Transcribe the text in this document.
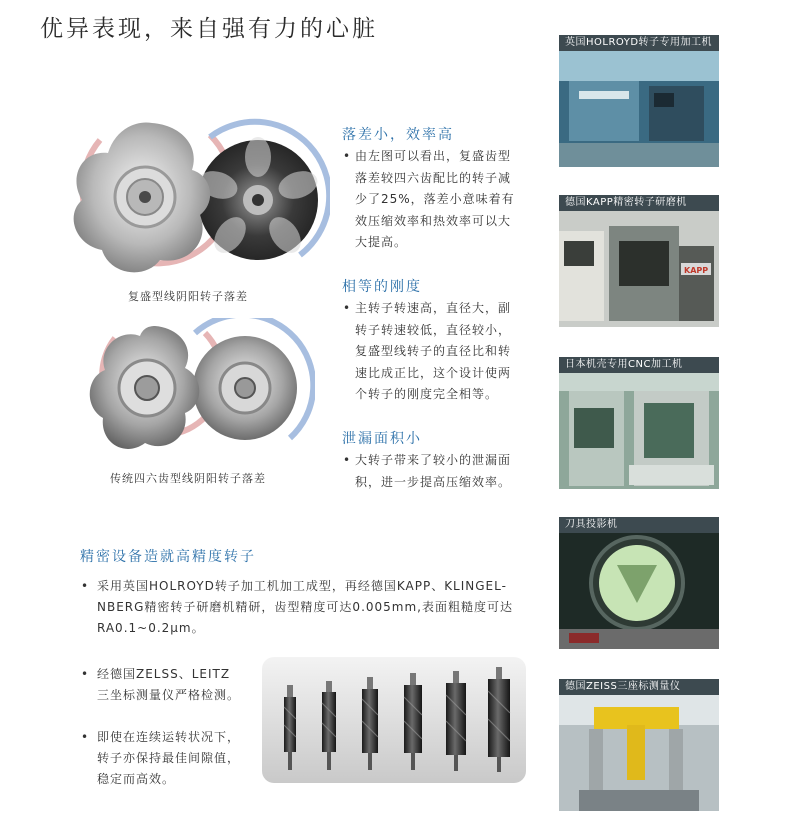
优异表现，来自强有力的心脏
复盛型线阴阳转子落差
传统四六齿型线阴阳转子落差
落差小，效率高
• 由左图可以看出，复盛齿型
落差较四六齿配比的转子减
少了25%，落差小意味着有
效压缩效率和热效率可以大
大提高。
相等的刚度
• 主转子转速高，直径大，副
转子转速较低，直径较小，
复盛型线转子的直径比和转
速比成正比，这个设计使两
个转子的刚度完全相等。
泄漏面积小
• 大转子带来了较小的泄漏面
积，进一步提高压缩效率。
精密设备造就高精度转子
• 采用英国HOLROYD转子加工机加工成型，再经德国KAPP、KLINGEL-
NBERG精密转子研磨机精研，齿型精度可达0.005mm,表面粗糙度可达
RA0.1~0.2μm。
• 经德国ZELSS、LEITZ
三坐标测量仪严格检测。
• 即使在连续运转状况下，
转子亦保持最佳间隙值，
稳定而高效。
英国HOLROYD转子专用加工机
德国KAPP精密转子研磨机
KAPP
日本机壳专用CNC加工机
刀具投影机
德国ZEISS三座标测量仪
